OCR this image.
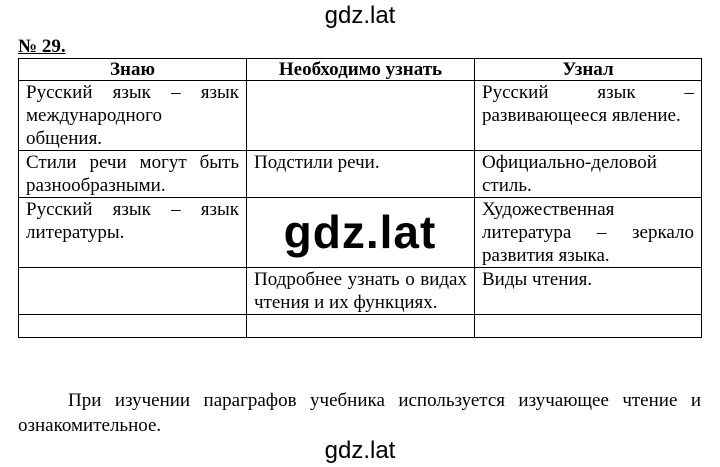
gdz.lat
№ 29.
Знаю	Необходимо узнать	Узнал
Русский язык – язык международного общения.		Русский язык – развивающееся явление.
Стили речи могут быть разнообразными.	Подстили речи.	Официально-деловой стиль.
Русский язык – язык литературы.		Художественная литература – зеркало развития языка.
	Подробнее узнать о видах чтения и их функциях.	Виды чтения.

gdz.lat

При изучении параграфов учебника используется изучающее чтение и ознакомительное.

gdz.lat
